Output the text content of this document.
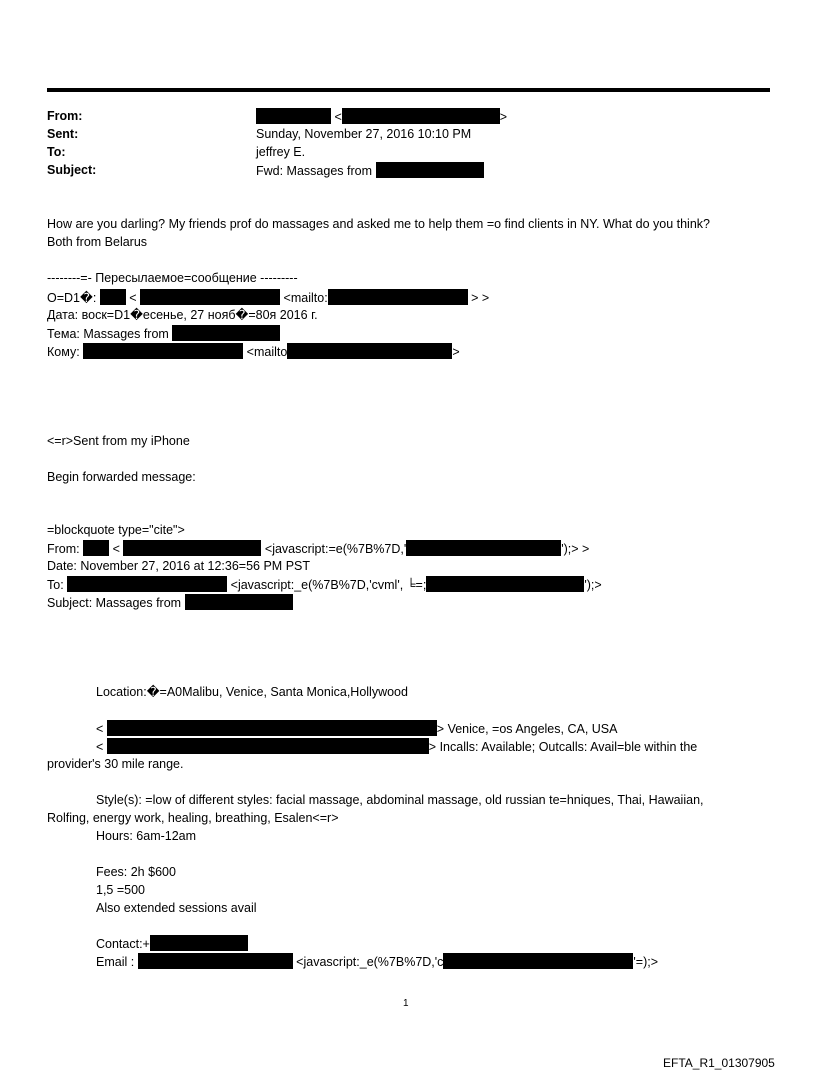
From:	<	>
Sent:	Sunday, November 27, 2016 10:10 PM
To:	jeffrey E.
Subject:	Fwd: Massages from
How are you darling? My friends prof do massages and asked me to help them =o find clients in NY. What do you think?
Both from Belarus
--------=- Пересылаемое=сообщение ---------
O=D1�:	<	<mailto:	> >
Дата: воск=D1�есенье, 27 нояб�=80я 2016 г.
Тема: Massages from
Кому:	<mailto	>
<=r>Sent from my iPhone
Begin forwarded message:
=blockquote type="cite">
From:	<	<javascript:=e(%7B%7D,'	');> >
Date: November 27, 2016 at 12:36=56 PM PST
To:	<javascript:_e(%7B%7D,'cvml', ╘=;	');>
Subject: Massages from
Location:�=A0Malibu, Venice, Santa Monica,Hollywood
<	> Venice, =os Angeles, CA, USA
<	> Incalls: Available; Outcalls: Avail=ble within the
provider's 30 mile range.
Style(s): =low of different styles: facial massage, abdominal massage, old russian te=hniques, Thai, Hawaiian,
Rolfing, energy work, healing, breathing, Esalen<=r>
Hours: 6am-12am
Fees: 2h $600
1,5 =500
Also extended sessions avail
Contact:+
Email :	<javascript:_e(%7B%7D,'c	'=);>
1
EFTA_R1_01307905
